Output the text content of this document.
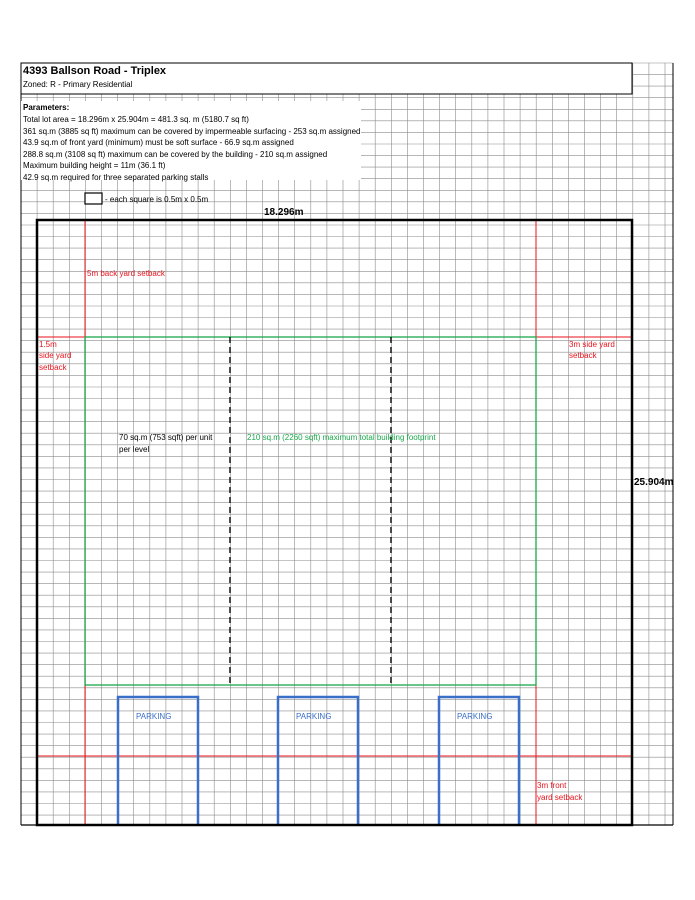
4393 Ballson Road - Triplex
Zoned: R - Primary Residential
Parameters:
Total lot area = 18.296m x 25.904m = 481.3 sq. m (5180.7 sq ft)
361 sq.m (3885 sq ft) maximum can be covered by impermeable surfacing - 253 sq.m assigned
43.9 sq.m of front yard (minimum) must be soft surface - 66.9 sq.m assigned
288.8 sq.m (3108 sq ft) maximum can be covered by the building - 210 sq.m assigned
Maximum building height = 11m (36.1 ft)
42.9 sq.m required for three separated parking stalls
- each square is 0.5m x 0.5m
18.296m
25.904m
5m back yard setback
1.5m
side yard
setback
3m side yard
setback
3m front
yard setback
70 sq.m (753 sqft) per unit
per level
210 sq.m (2260 sqft) maximum total building footprint
PARKING	PARKING	PARKING
